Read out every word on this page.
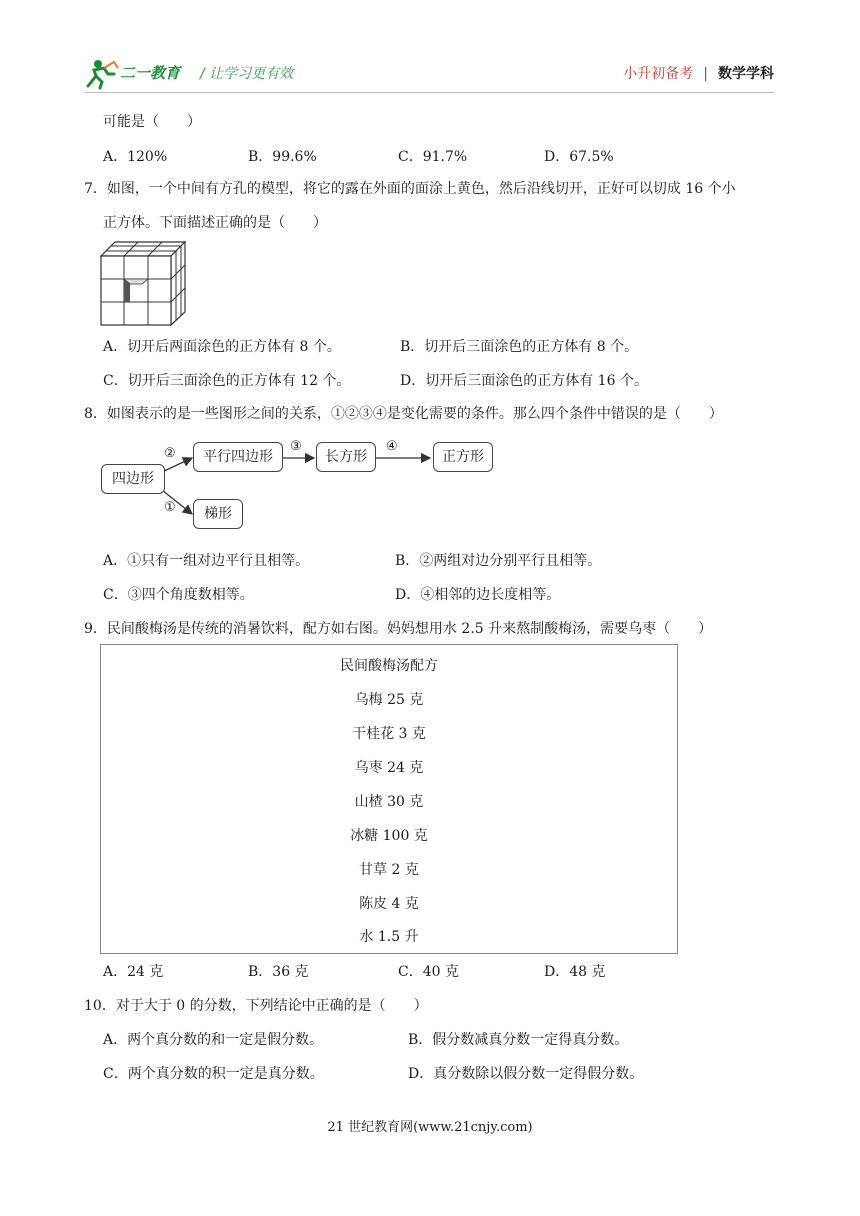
二一教育 / 让学习更有效	小升初备考 | 数学学科
可能是（　　）
A．120%	B．99.6%	C．91.7%	D．67.5%
7．如图，一个中间有方孔的模型，将它的露在外面的面涂上黄色，然后沿线切开，正好可以切成 16 个小
正方体。下面描述正确的是（　　）
A．切开后两面涂色的正方体有 8 个。	B．切开后三面涂色的正方体有 8 个。
C．切开后三面涂色的正方体有 12 个。	D．切开后三面涂色的正方体有 16 个。
8．如图表示的是一些图形之间的关系，①②③④是变化需要的条件。那么四个条件中错误的是（　　）
四边形
平行四边形	长方形	正方形
梯形
②
①
③	④
A．①只有一组对边平行且相等。	B．②两组对边分别平行且相等。
C．③四个角度数相等。	D．④相邻的边长度相等。
9．民间酸梅汤是传统的消暑饮料，配方如右图。妈妈想用水 2.5 升来熬制酸梅汤，需要乌枣（　　）
民间酸梅汤配方
乌梅 25 克
干桂花 3 克
乌枣 24 克
山楂 30 克
冰糖 100 克
甘草 2 克
陈皮 4 克
水 1.5 升
A．24 克	B．36 克	C．40 克	D．48 克
10．对于大于 0 的分数，下列结论中正确的是（　　）
A．两个真分数的和一定是假分数。	B．假分数减真分数一定得真分数。
C．两个真分数的积一定是真分数。	D．真分数除以假分数一定得假分数。
21 世纪教育网(www.21cnjy.com)
